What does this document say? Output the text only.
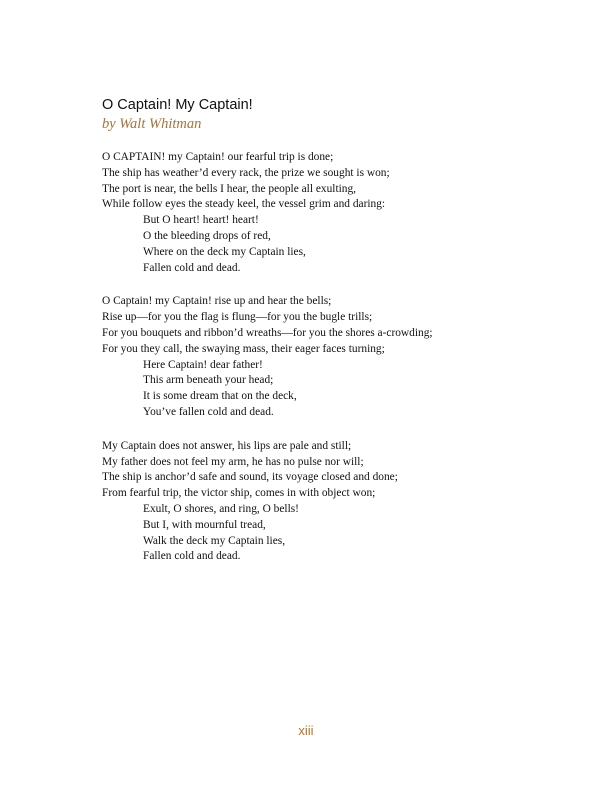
O Captain! My Captain!
by Walt Whitman
O CAPTAIN! my Captain! our fearful trip is done;
The ship has weather’d every rack, the prize we sought is won;
The port is near, the bells I hear, the people all exulting,
While follow eyes the steady keel, the vessel grim and daring:
But O heart! heart! heart!
O the bleeding drops of red,
Where on the deck my Captain lies,
Fallen cold and dead.
O Captain! my Captain! rise up and hear the bells;
Rise up—for you the flag is flung—for you the bugle trills;
For you bouquets and ribbon’d wreaths—for you the shores a-crowding;
For you they call, the swaying mass, their eager faces turning;
Here Captain! dear father!
This arm beneath your head;
It is some dream that on the deck,
You’ve fallen cold and dead.
My Captain does not answer, his lips are pale and still;
My father does not feel my arm, he has no pulse nor will;
The ship is anchor’d safe and sound, its voyage closed and done;
From fearful trip, the victor ship, comes in with object won;
Exult, O shores, and ring, O bells!
But I, with mournful tread,
Walk the deck my Captain lies,
Fallen cold and dead.
xiii
